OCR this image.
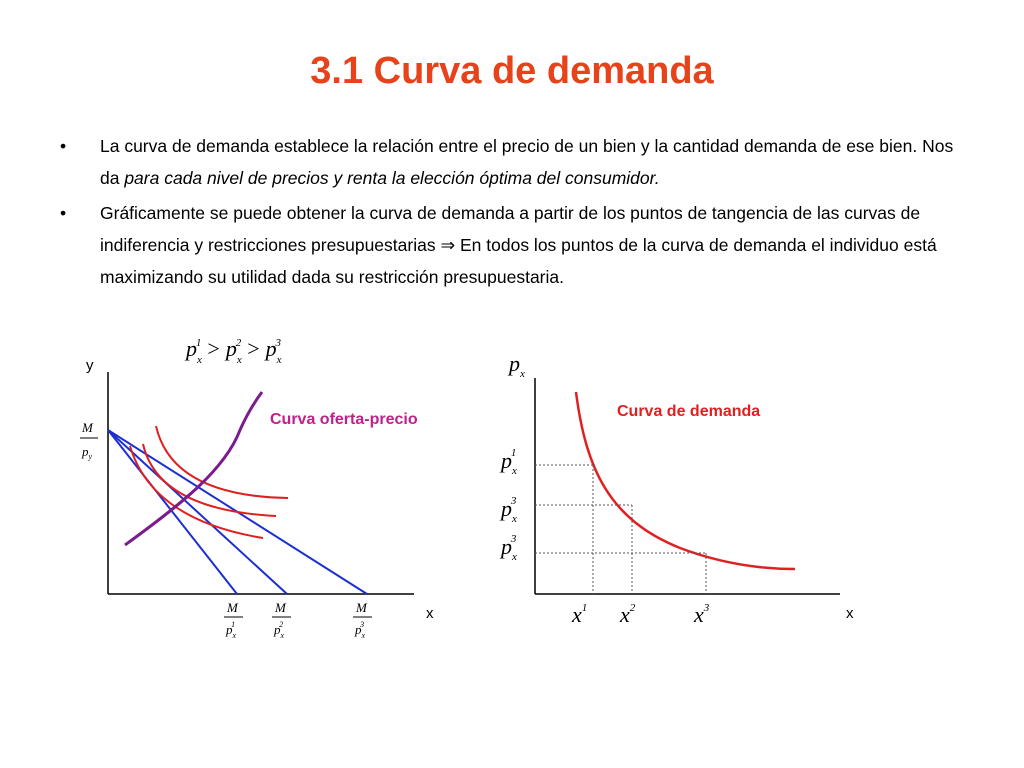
3.1 Curva de demanda
• La curva de demanda establece la relación entre el precio de un bien y la cantidad demanda de ese bien. Nos da para cada nivel de precios y renta la elección óptima del consumidor.
• Gráficamente se puede obtener la curva de demanda a partir de los puntos de tangencia de las curvas de indiferencia y restricciones presupuestarias ⇒ En todos los puntos de la curva de demanda el individuo está maximizando su utilidad dada su restricción presupuestaria.
$p_x1 > p_x2 > p_x3$
y
x
M
$p_y$
Curva oferta-precio
M
$p_x1$
M
$p_x2$
M
$p_x3$
$p_x$
x
Curva de demanda
$p_x1$
$p_x3$
$p_x3$
$x^1$ $x^2$	$x^3$
